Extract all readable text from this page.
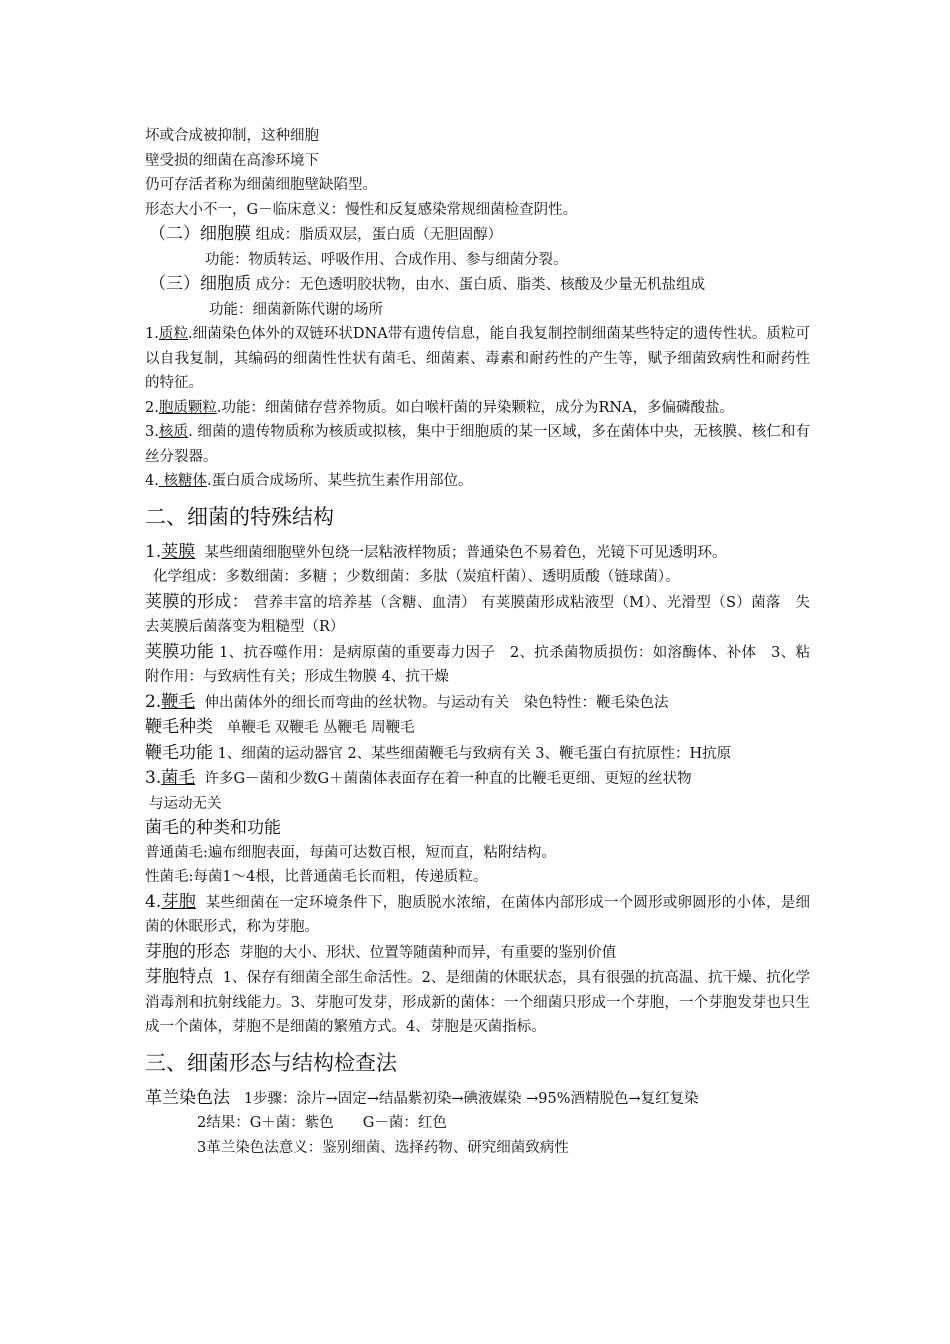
坏或合成被抑制，这种细胞

壁受损的细菌在高渗环境下

仍可存活者称为细菌细胞壁缺陷型。

形态大小不一，G－临床意义：慢性和反复感染常规细菌检查阴性。

（二）细胞膜 组成：脂质双层，蛋白质（无胆固醇）

功能：物质转运、呼吸作用、合成作用、参与细菌分裂。

（三）细胞质 成分：无色透明胶状物，由水、蛋白质、脂类、核酸及少量无机盐组成

功能：细菌新陈代谢的场所

1.质粒.细菌染色体外的双链环状DNA带有遗传信息，能自我复制控制细菌某些特定的遗传性状。质粒可以自我复制，其编码的细菌性性状有菌毛、细菌素、毒素和耐药性的产生等，赋予细菌致病性和耐药性的特征。

2.胞质颗粒.功能：细菌储存营养物质。如白喉杆菌的异染颗粒，成分为RNA，多偏磷酸盐。

3.核质. 细菌的遗传物质称为核质或拟核，集中于细胞质的某一区域，多在菌体中央，无核膜、核仁和有丝分裂器。

4. 核糖体.蛋白质合成场所、某些抗生素作用部位。

二、细菌的特殊结构

1.荚膜 某些细菌细胞壁外包绕一层粘液样物质；普通染色不易着色，光镜下可见透明环。

化学组成：多数细菌：多糖 ；少数细菌：多肽（炭疽杆菌）、透明质酸（链球菌）。

荚膜的形成： 营养丰富的培养基（含糖、血清） 有荚膜菌形成粘液型（M）、光滑型（S）菌落　失去荚膜后菌落变为粗糙型（R）

荚膜功能 1、抗吞噬作用：是病原菌的重要毒力因子　2、抗杀菌物质损伤：如溶酶体、补体　3、粘附作用：与致病性有关；形成生物膜 4、抗干燥

2.鞭毛 伸出菌体外的细长而弯曲的丝状物。与运动有关　染色特性：鞭毛染色法

鞭毛种类 单鞭毛 双鞭毛 丛鞭毛 周鞭毛

鞭毛功能 1、细菌的运动器官 2、某些细菌鞭毛与致病有关 3、鞭毛蛋白有抗原性：H抗原

3.菌毛 许多G－菌和少数G＋菌菌体表面存在着一种直的比鞭毛更细、更短的丝状物

与运动无关

菌毛的种类和功能

普通菌毛:遍布细胞表面，每菌可达数百根，短而直，粘附结构。

性菌毛:每菌1～4根，比普通菌毛长而粗，传递质粒。

4.芽胞 某些细菌在一定环境条件下，胞质脱水浓缩，在菌体内部形成一个圆形或卵圆形的小体，是细菌的休眠形式，称为芽胞。

芽胞的形态 芽胞的大小、形状、位置等随菌种而异，有重要的鉴别价值

芽胞特点 1、保存有细菌全部生命活性。2、是细菌的休眠状态，具有很强的抗高温、抗干燥、抗化学消毒剂和抗射线能力。3、芽胞可发芽，形成新的菌体：一个细菌只形成一个芽胞，一个芽胞发芽也只生成一个菌体，芽胞不是细菌的繁殖方式。4、芽胞是灭菌指标。

三、细菌形态与结构检查法

革兰染色法 1步骤：涂片→固定→结晶紫初染→碘液媒染 →95%酒精脱色→复红复染

2结果：G＋菌：紫色　　G－菌：红色

3革兰染色法意义：鉴别细菌、选择药物、研究细菌致病性
